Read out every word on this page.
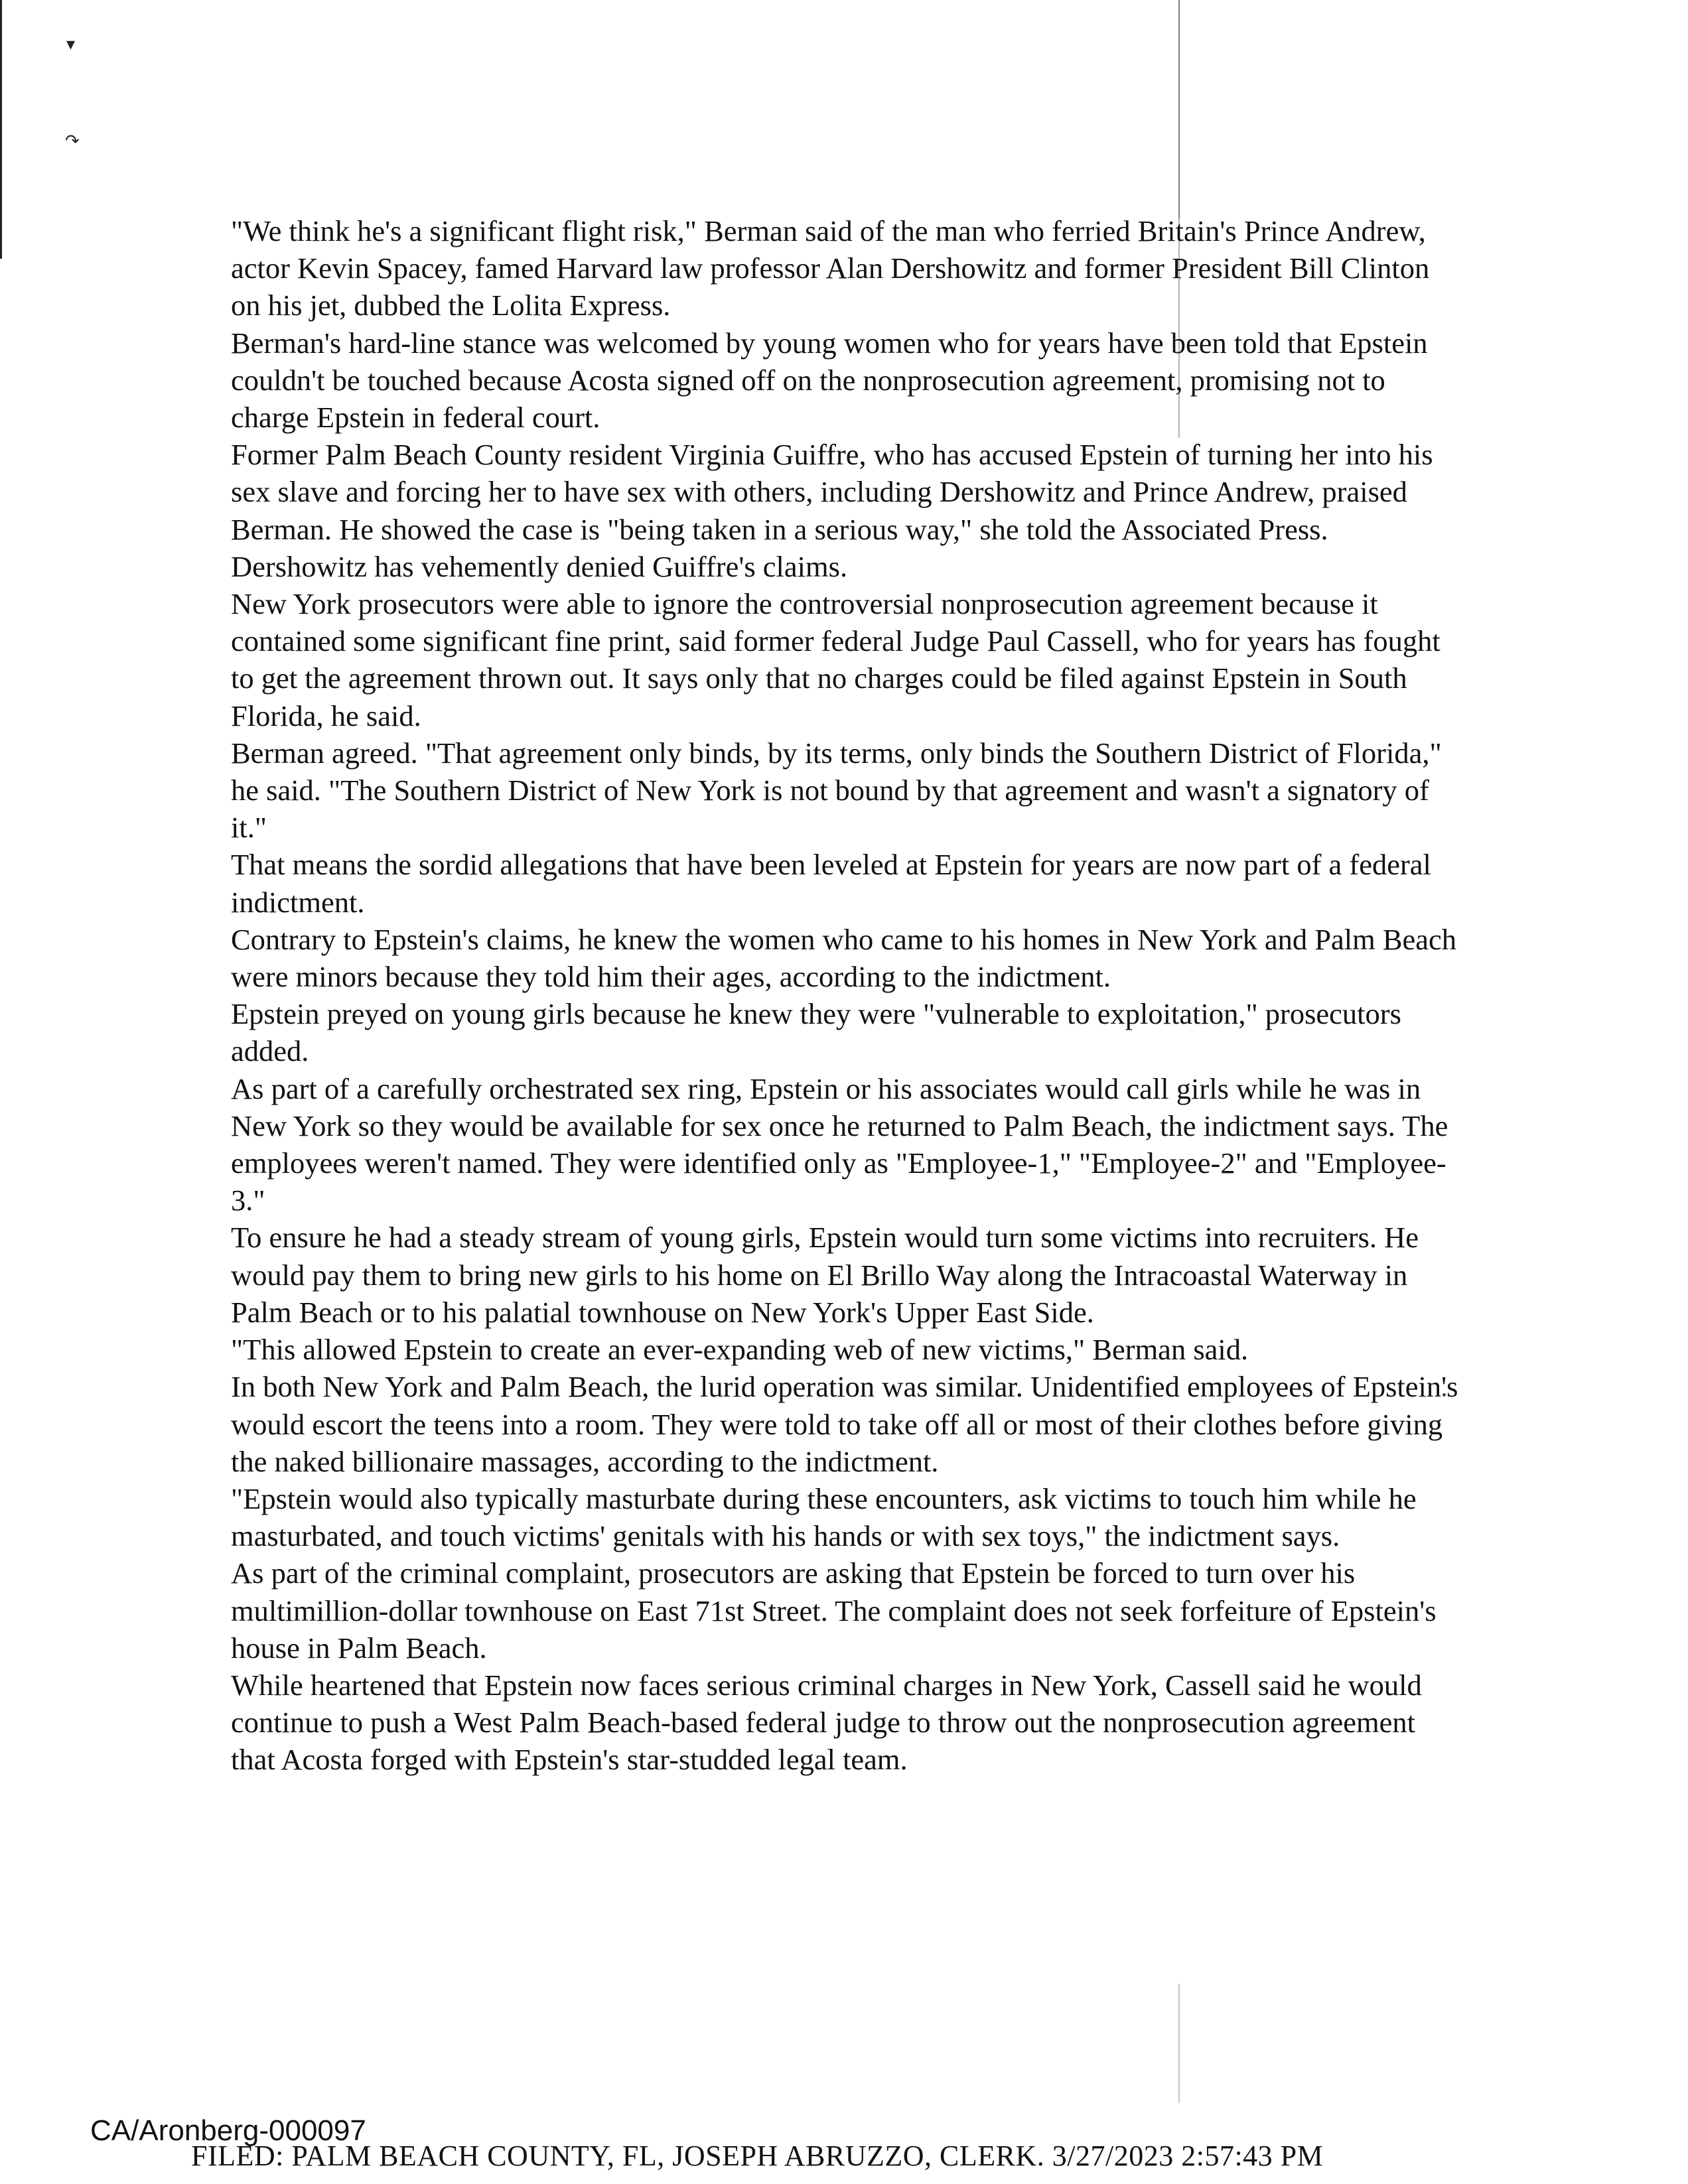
▾
↷

"We think he's a significant flight risk," Berman said of the man who ferried Britain's Prince Andrew, actor Kevin Spacey, famed Harvard law professor Alan Dershowitz and former President Bill Clinton on his jet, dubbed the Lolita Express.

Berman's hard-line stance was welcomed by young women who for years have been told that Epstein couldn't be touched because Acosta signed off on the nonprosecution agreement, promising not to charge Epstein in federal court.

Former Palm Beach County resident Virginia Guiffre, who has accused Epstein of turning her into his sex slave and forcing her to have sex with others, including Dershowitz and Prince Andrew, praised Berman. He showed the case is "being taken in a serious way," she told the Associated Press. Dershowitz has vehemently denied Guiffre's claims.

New York prosecutors were able to ignore the controversial nonprosecution agreement because it contained some significant fine print, said former federal Judge Paul Cassell, who for years has fought to get the agreement thrown out. It says only that no charges could be filed against Epstein in South Florida, he said.

Berman agreed. "That agreement only binds, by its terms, only binds the Southern District of Florida," he said. "The Southern District of New York is not bound by that agreement and wasn't a signatory of it."

That means the sordid allegations that have been leveled at Epstein for years are now part of a federal indictment.

Contrary to Epstein's claims, he knew the women who came to his homes in New York and Palm Beach were minors because they told him their ages, according to the indictment.

Epstein preyed on young girls because he knew they were "vulnerable to exploitation," prosecutors added.

As part of a carefully orchestrated sex ring, Epstein or his associates would call girls while he was in New York so they would be available for sex once he returned to Palm Beach, the indictment says. The employees weren't named. They were identified only as "Employee-1," "Employee-2" and "Employee-3."

To ensure he had a steady stream of young girls, Epstein would turn some victims into recruiters. He would pay them to bring new girls to his home on El Brillo Way along the Intracoastal Waterway in Palm Beach or to his palatial townhouse on New York's Upper East Side.

"This allowed Epstein to create an ever-expanding web of new victims," Berman said.

In both New York and Palm Beach, the lurid operation was similar. Unidentified employees of Epstein's would escort the teens into a room. They were told to take off all or most of their clothes before giving the naked billionaire massages, according to the indictment.

"Epstein would also typically masturbate during these encounters, ask victims to touch him while he masturbated, and touch victims' genitals with his hands or with sex toys," the indictment says.

As part of the criminal complaint, prosecutors are asking that Epstein be forced to turn over his multimillion-dollar townhouse on East 71st Street. The complaint does not seek forfeiture of Epstein's house in Palm Beach.

While heartened that Epstein now faces serious criminal charges in New York, Cassell said he would continue to push a West Palm Beach-based federal judge to throw out the nonprosecution agreement that Acosta forged with Epstein's star-studded legal team.

CA/Aronberg-000097
FILED: PALM BEACH COUNTY, FL, JOSEPH ABRUZZO, CLERK. 3/27/2023 2:57:43 PM
